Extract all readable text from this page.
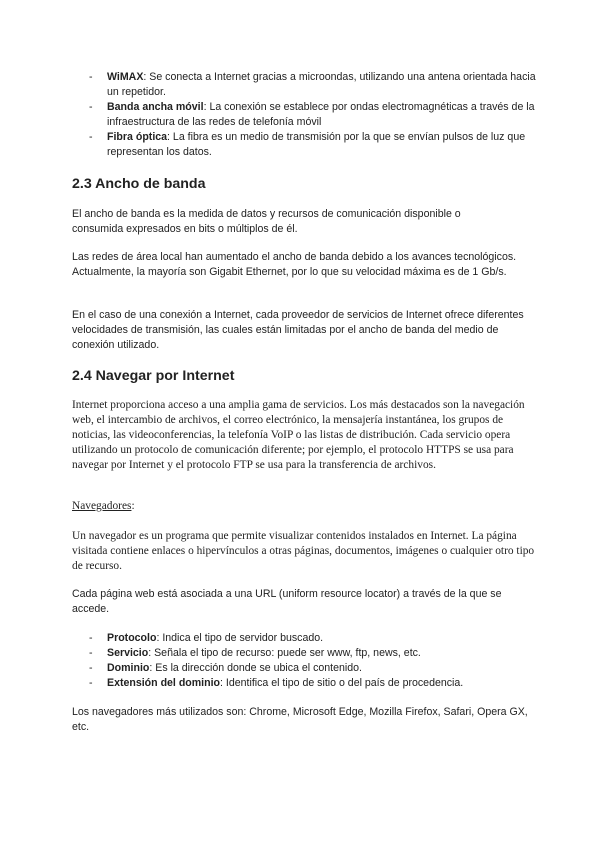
- WiMAX: Se conecta a Internet gracias a microondas, utilizando una antena orientada hacia un repetidor.
- Banda ancha móvil: La conexión se establece por ondas electromagnéticas a través de la infraestructura de las redes de telefonía móvil
- Fibra óptica: La fibra es un medio de transmisión por la que se envían pulsos de luz que representan los datos.
2.3 Ancho de banda

El ancho de banda es la medida de datos y recursos de comunicación disponible o consumida expresados en bits o múltiplos de él.

Las redes de área local han aumentado el ancho de banda debido a los avances tecnológicos. Actualmente, la mayoría son Gigabit Ethernet, por lo que su velocidad máxima es de 1 Gb/s.

En el caso de una conexión a Internet, cada proveedor de servicios de Internet ofrece diferentes velocidades de transmisión, las cuales están limitadas por el ancho de banda del medio de conexión utilizado.

2.4 Navegar por Internet

Internet proporciona acceso a una amplia gama de servicios. Los más destacados son la navegación web, el intercambio de archivos, el correo electrónico, la mensajería instantánea, los grupos de noticias, las videoconferencias, la telefonía VoIP o las listas de distribución. Cada servicio opera utilizando un protocolo de comunicación diferente; por ejemplo, el protocolo HTTPS se usa para navegar por Internet y el protocolo FTP se usa para la transferencia de archivos.

Navegadores:

Un navegador es un programa que permite visualizar contenidos instalados en Internet. La página visitada contiene enlaces o hipervínculos a otras páginas, documentos, imágenes o cualquier otro tipo de recurso.

Cada página web está asociada a una URL (uniform resource locator) a través de la que se accede.

- Protocolo: Indica el tipo de servidor buscado.
- Servicio: Señala el tipo de recurso: puede ser www, ftp, news, etc.
- Dominio: Es la dirección donde se ubica el contenido.
- Extensión del dominio: Identifica el tipo de sitio o del país de procedencia.

Los navegadores más utilizados son: Chrome, Microsoft Edge, Mozilla Firefox, Safari, Opera GX, etc.
